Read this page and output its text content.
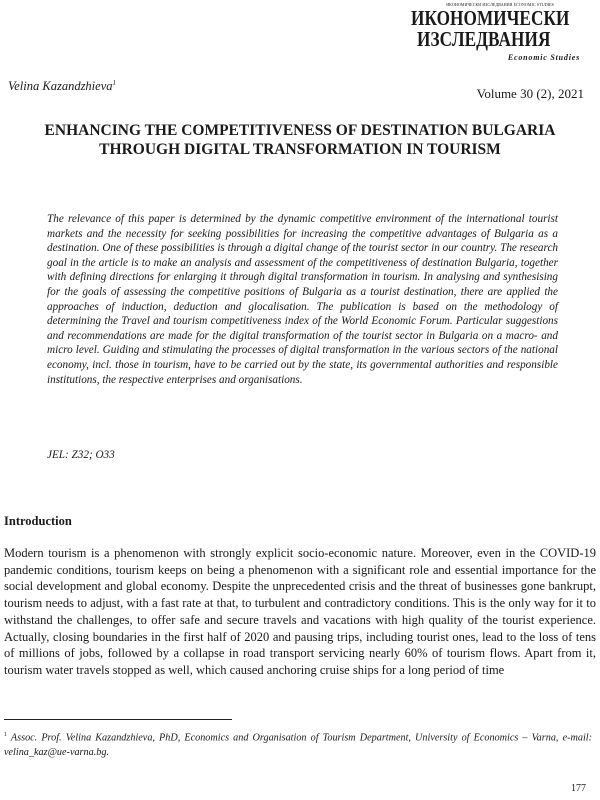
ИКОНОМИЧЕСКИ ИЗСЛЕДВАНИЯ ECONOMIC STUDIES
ИКОНОМИЧЕСКИ
ИЗСЛЕДВАНИЯ
Economic Studies
Velina Kazandzhieva$^1$
Volume 30 (2), 2021
ENHANCING THE COMPETITIVENESS OF DESTINATION BULGARIA THROUGH DIGITAL TRANSFORMATION IN TOURISM
The relevance of this paper is determined by the dynamic competitive environment of the international tourist markets and the necessity for seeking possibilities for increasing the competitive advantages of Bulgaria as a destination. One of these possibilities is through a digital change of the tourist sector in our country. The research goal in the article is to make an analysis and assessment of the competitiveness of destination Bulgaria, together with defining directions for enlarging it through digital transformation in tourism. In analysing and synthesising for the goals of assessing the competitive positions of Bulgaria as a tourist destination, there are applied the approaches of induction, deduction and glocalisation. The publication is based on the methodology of determining the Travel and tourism competitiveness index of the World Economic Forum. Particular suggestions and recommendations are made for the digital transformation of the tourist sector in Bulgaria on a macro- and micro level. Guiding and stimulating the processes of digital transformation in the various sectors of the national economy, incl. those in tourism, have to be carried out by the state, its governmental authorities and responsible institutions, the respective enterprises and organisations.
JEL: Z32; O33
Introduction
Modern tourism is a phenomenon with strongly explicit socio-economic nature. Moreover, even in the COVID-19 pandemic conditions, tourism keeps on being a phenomenon with a significant role and essential importance for the social development and global economy. Despite the unprecedented crisis and the threat of businesses gone bankrupt, tourism needs to adjust, with a fast rate at that, to turbulent and contradictory conditions. This is the only way for it to withstand the challenges, to offer safe and secure travels and vacations with high quality of the tourist experience. Actually, closing boundaries in the first half of 2020 and pausing trips, including tourist ones, lead to the loss of tens of millions of jobs, followed by a collapse in road transport servicing nearly 60% of tourism flows. Apart from it, tourism water travels stopped as well, which caused anchoring cruise ships for a long period of time
$^1$ Assoc. Prof. Velina Kazandzhieva, PhD, Economics and Organisation of Tourism Department, University of Economics – Varna, e-mail: velina_kaz@ue-varna.bg.
177
